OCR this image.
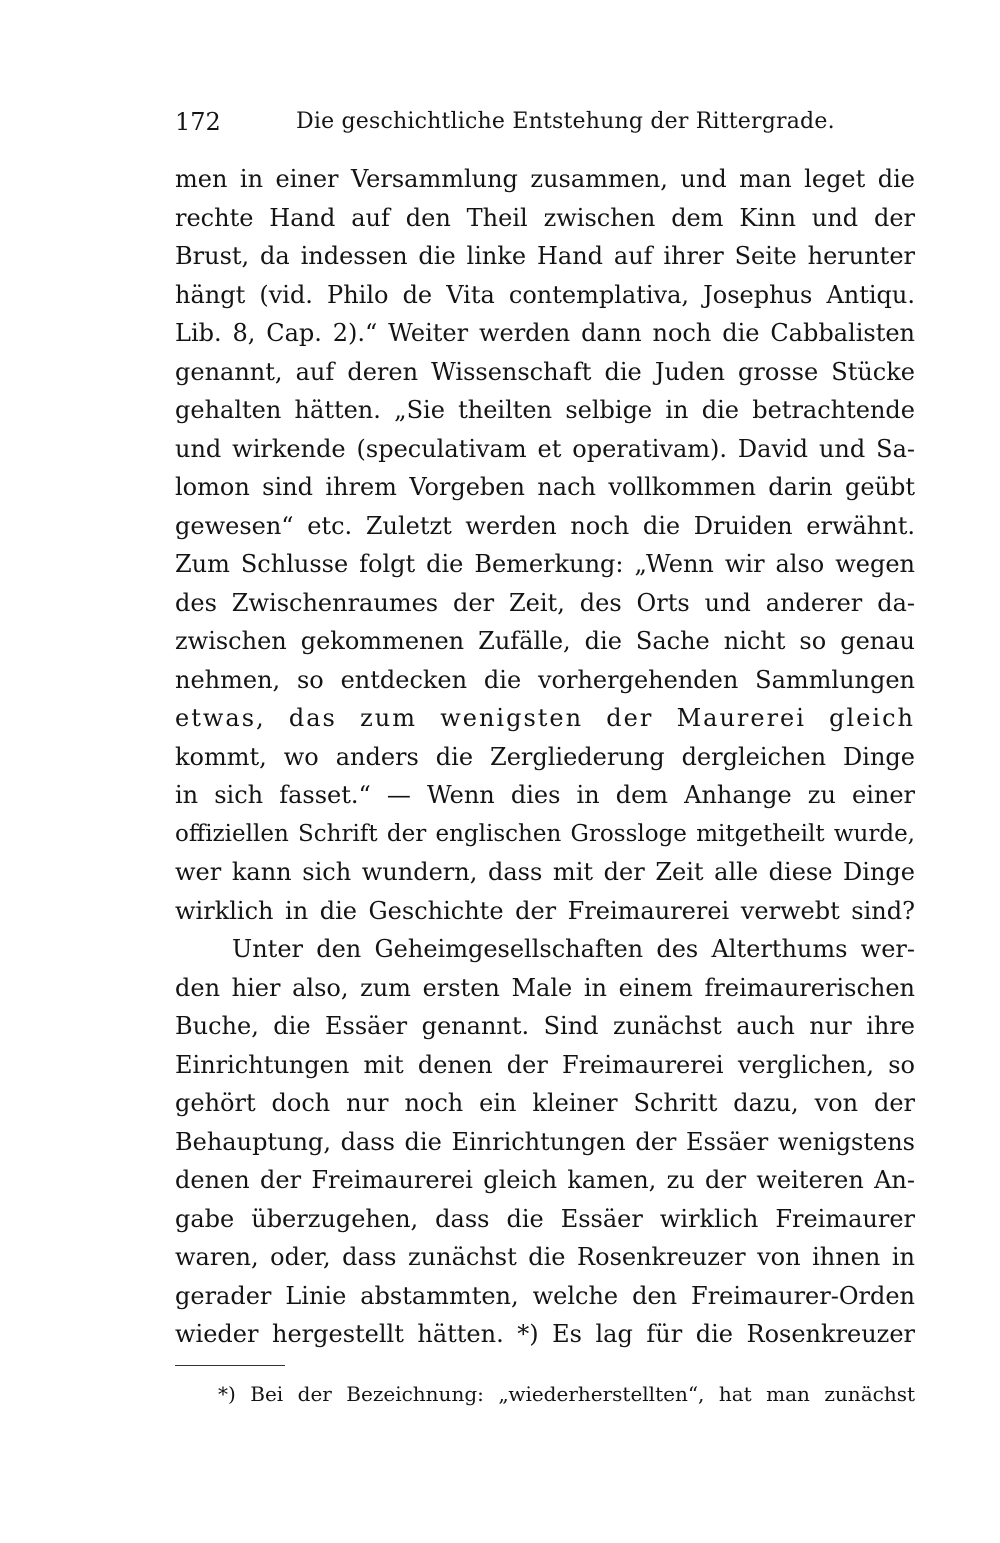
172	Die geschichtliche Entstehung der Rittergrade.
men in einer Versammlung zusammen, und man leget die
rechte Hand auf den Theil zwischen dem Kinn und der
Brust, da indessen die linke Hand auf ihrer Seite herunter
hängt (vid. Philo de Vita contemplativa, Josephus Antiqu.
Lib. 8, Cap. 2).“ Weiter werden dann noch die Cabbalisten
genannt, auf deren Wissenschaft die Juden grosse Stücke
gehalten hätten. „Sie theilten selbige in die betrachtende
und wirkende (speculativam et operativam). David und Sa-
lomon sind ihrem Vorgeben nach vollkommen darin geübt
gewesen“ etc. Zuletzt werden noch die Druiden erwähnt.
Zum Schlusse folgt die Bemerkung: „Wenn wir also wegen
des Zwischenraumes der Zeit, des Orts und anderer da-
zwischen gekommenen Zufälle, die Sache nicht so genau
nehmen, so entdecken die vorhergehenden Sammlungen
etwas, das zum wenigsten der Maurerei gleich
kommt, wo anders die Zergliederung dergleichen Dinge
in sich fasset.“ — Wenn dies in dem Anhange zu einer
offiziellen Schrift der englischen Grossloge mitgetheilt wurde,
wer kann sich wundern, dass mit der Zeit alle diese Dinge
wirklich in die Geschichte der Freimaurerei verwebt sind?
Unter den Geheimgesellschaften des Alterthums wer-
den hier also, zum ersten Male in einem freimaurerischen
Buche, die Essäer genannt. Sind zunächst auch nur ihre
Einrichtungen mit denen der Freimaurerei verglichen, so
gehört doch nur noch ein kleiner Schritt dazu, von der
Behauptung, dass die Einrichtungen der Essäer wenigstens
denen der Freimaurerei gleich kamen, zu der weiteren An-
gabe überzugehen, dass die Essäer wirklich Freimaurer
waren, oder, dass zunächst die Rosenkreuzer von ihnen in
gerader Linie abstammten, welche den Freimaurer-Orden
wieder hergestellt hätten. *) Es lag für die Rosenkreuzer
*) Bei der Bezeichnung: „wiederherstellten“, hat man zunächst
